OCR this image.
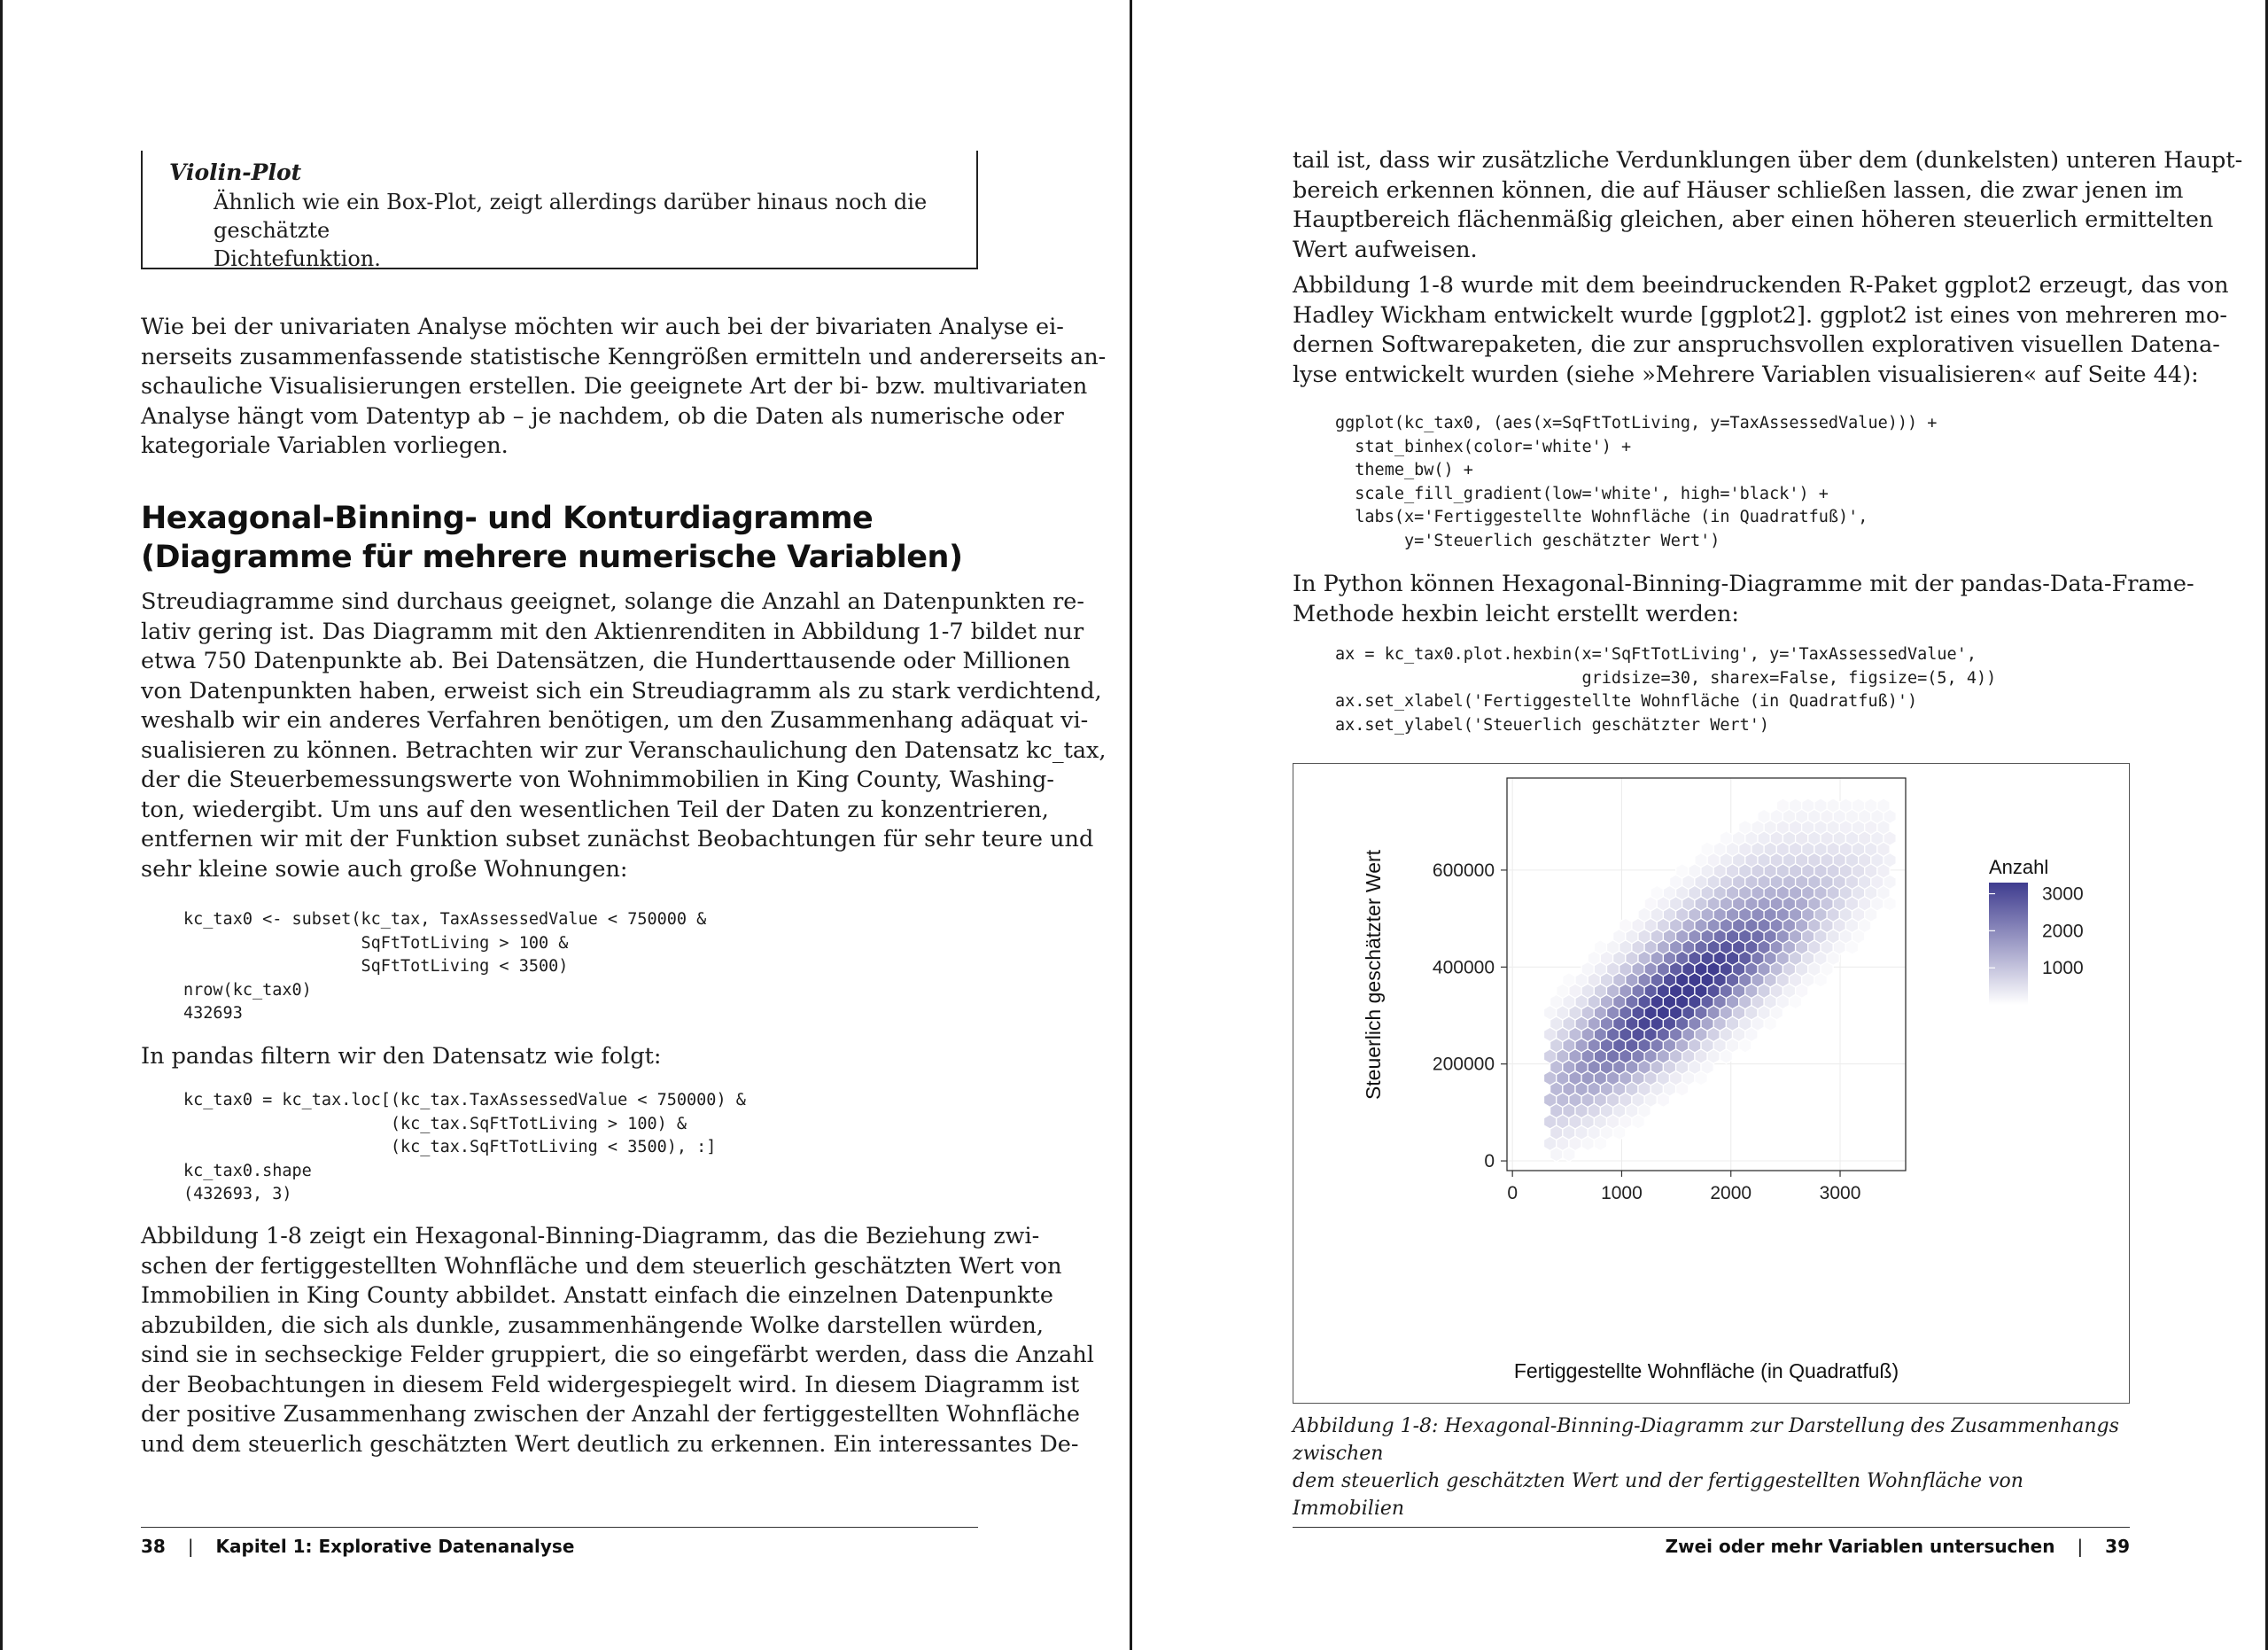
Violin-Plot
Ähnlich wie ein Box-Plot, zeigt allerdings darüber hinaus noch die geschätzte
Dichtefunktion.
Wie bei der univariaten Analyse möchten wir auch bei der bivariaten Analyse ei-
nerseits zusammenfassende statistische Kenngrößen ermitteln und andererseits an-
schauliche Visualisierungen erstellen. Die geeignete Art der bi- bzw. multivariaten
Analyse hängt vom Datentyp ab – je nachdem, ob die Daten als numerische oder
kategoriale Variablen vorliegen.
Hexagonal-Binning- und Konturdiagramme
(Diagramme für mehrere numerische Variablen)
Streudiagramme sind durchaus geeignet, solange die Anzahl an Datenpunkten re-
lativ gering ist. Das Diagramm mit den Aktienrenditen in Abbildung 1-7 bildet nur
etwa 750 Datenpunkte ab. Bei Datensätzen, die Hunderttausende oder Millionen
von Datenpunkten haben, erweist sich ein Streudiagramm als zu stark verdichtend,
weshalb wir ein anderes Verfahren benötigen, um den Zusammenhang adäquat vi-
sualisieren zu können. Betrachten wir zur Veranschaulichung den Datensatz kc_tax,
der die Steuerbemessungswerte von Wohnimmobilien in King County, Washing-
ton, wiedergibt. Um uns auf den wesentlichen Teil der Daten zu konzentrieren,
entfernen wir mit der Funktion subset zunächst Beobachtungen für sehr teure und
sehr kleine sowie auch große Wohnungen:
kc_tax0 <- subset(kc_tax, TaxAssessedValue < 750000 &
SqFtTotLiving > 100 &
SqFtTotLiving < 3500)
nrow(kc_tax0)
432693
In pandas filtern wir den Datensatz wie folgt:
kc_tax0 = kc_tax.loc[(kc_tax.TaxAssessedValue < 750000) &
(kc_tax.SqFtTotLiving > 100) &
(kc_tax.SqFtTotLiving < 3500), :]
kc_tax0.shape
(432693, 3)
Abbildung 1-8 zeigt ein Hexagonal-Binning-Diagramm, das die Beziehung zwi-
schen der fertiggestellten Wohnfläche und dem steuerlich geschätzten Wert von
Immobilien in King County abbildet. Anstatt einfach die einzelnen Datenpunkte
abzubilden, die sich als dunkle, zusammenhängende Wolke darstellen würden,
sind sie in sechseckige Felder gruppiert, die so eingefärbt werden, dass die Anzahl
der Beobachtungen in diesem Feld widergespiegelt wird. In diesem Diagramm ist
der positive Zusammenhang zwischen der Anzahl der fertiggestellten Wohnfläche
und dem steuerlich geschätzten Wert deutlich zu erkennen. Ein interessantes De-
38 | Kapitel 1: Explorative Datenanalyse
tail ist, dass wir zusätzliche Verdunklungen über dem (dunkelsten) unteren Haupt-
bereich erkennen können, die auf Häuser schließen lassen, die zwar jenen im
Hauptbereich flächenmäßig gleichen, aber einen höheren steuerlich ermittelten
Wert aufweisen.
Abbildung 1-8 wurde mit dem beeindruckenden R-Paket ggplot2 erzeugt, das von
Hadley Wickham entwickelt wurde [ggplot2]. ggplot2 ist eines von mehreren mo-
dernen Softwarepaketen, die zur anspruchsvollen explorativen visuellen Datena-
lyse entwickelt wurden (siehe »Mehrere Variablen visualisieren« auf Seite 44):
ggplot(kc_tax0, (aes(x=SqFtTotLiving, y=TaxAssessedValue))) +
stat_binhex(color='white') +
theme_bw() +
scale_fill_gradient(low='white', high='black') +
labs(x='Fertiggestellte Wohnfläche (in Quadratfuß)',
y='Steuerlich geschätzter Wert')
In Python können Hexagonal-Binning-Diagramme mit der pandas-Data-Frame-
Methode hexbin leicht erstellt werden:
ax = kc_tax0.plot.hexbin(x='SqFtTotLiving', y='TaxAssessedValue',
gridsize=30, sharex=False, figsize=(5, 4))
ax.set_xlabel('Fertiggestellte Wohnfläche (in Quadratfuß)')
ax.set_ylabel('Steuerlich geschätzter Wert')
0	1000	2000	3000
0
200000
400000
600000
Fertiggestellte Wohnfläche (in Quadratfuß)
Steuerlich geschätzter Wert	Anzahl
1000
2000
3000
Abbildung 1-8: Hexagonal-Binning-Diagramm zur Darstellung des Zusammenhangs zwischen
dem steuerlich geschätzten Wert und der fertiggestellten Wohnfläche von Immobilien
Zwei oder mehr Variablen untersuchen | 39
